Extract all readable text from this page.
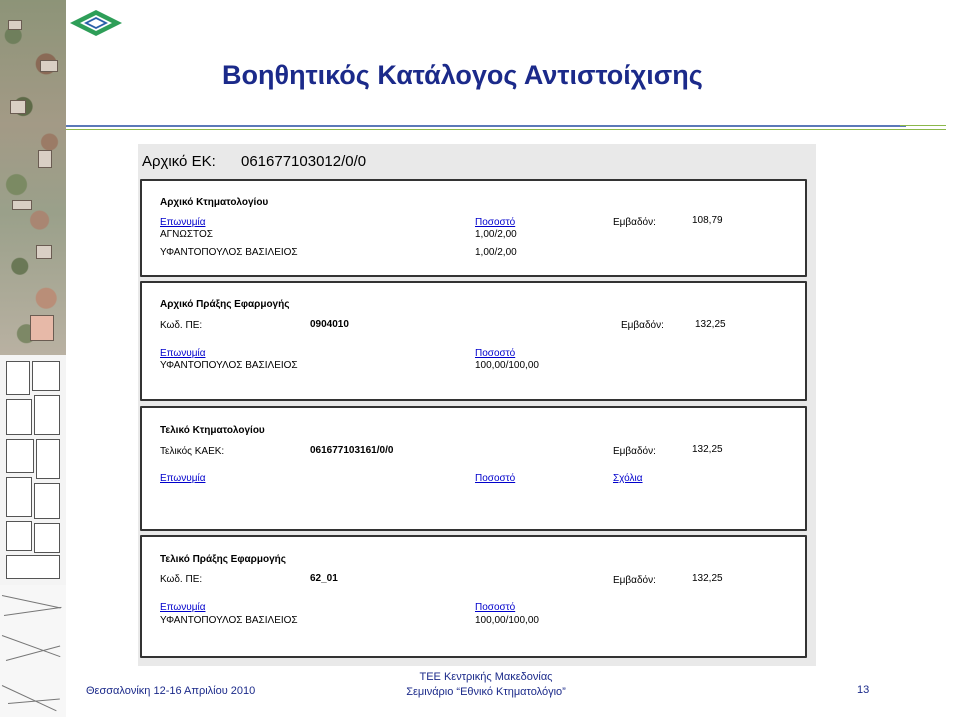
Βοηθητικός Κατάλογος Αντιστοίχισης
Αρχικό ΕΚ: 061677103012/0/0
Αρχικό Κτηματολογίου
Επωνυμία	Ποσοστό	Εμβαδόν:	108,79
ΑΓΝΩΣΤΟΣ	1,00/2,00
ΥΦΑΝΤΟΠΟΥΛΟΣ ΒΑΣΙΛΕΙΟΣ	1,00/2,00
Αρχικό Πράξης Εφαρμογής
Κωδ. ΠΕ:	0904010	Εμβαδόν:	132,25
Επωνυμία	Ποσοστό
ΥΦΑΝΤΟΠΟΥΛΟΣ ΒΑΣΙΛΕΙΟΣ	100,00/100,00
Τελικό Κτηματολογίου
Τελικός ΚΑΕΚ:	061677103161/0/0	Εμβαδόν:	132,25
Επωνυμία	Ποσοστό	Σχόλια
Τελικό Πράξης Εφαρμογής
Κωδ. ΠΕ:	62_01	Εμβαδόν:	132,25
Επωνυμία	Ποσοστό
ΥΦΑΝΤΟΠΟΥΛΟΣ ΒΑΣΙΛΕΙΟΣ	100,00/100,00
Θεσσαλονίκη 12-16 Απριλίου 2010
ΤΕΕ Κεντρικής Μακεδονίας
Σεμινάριο “Εθνικό Κτηματολόγιο”	13
